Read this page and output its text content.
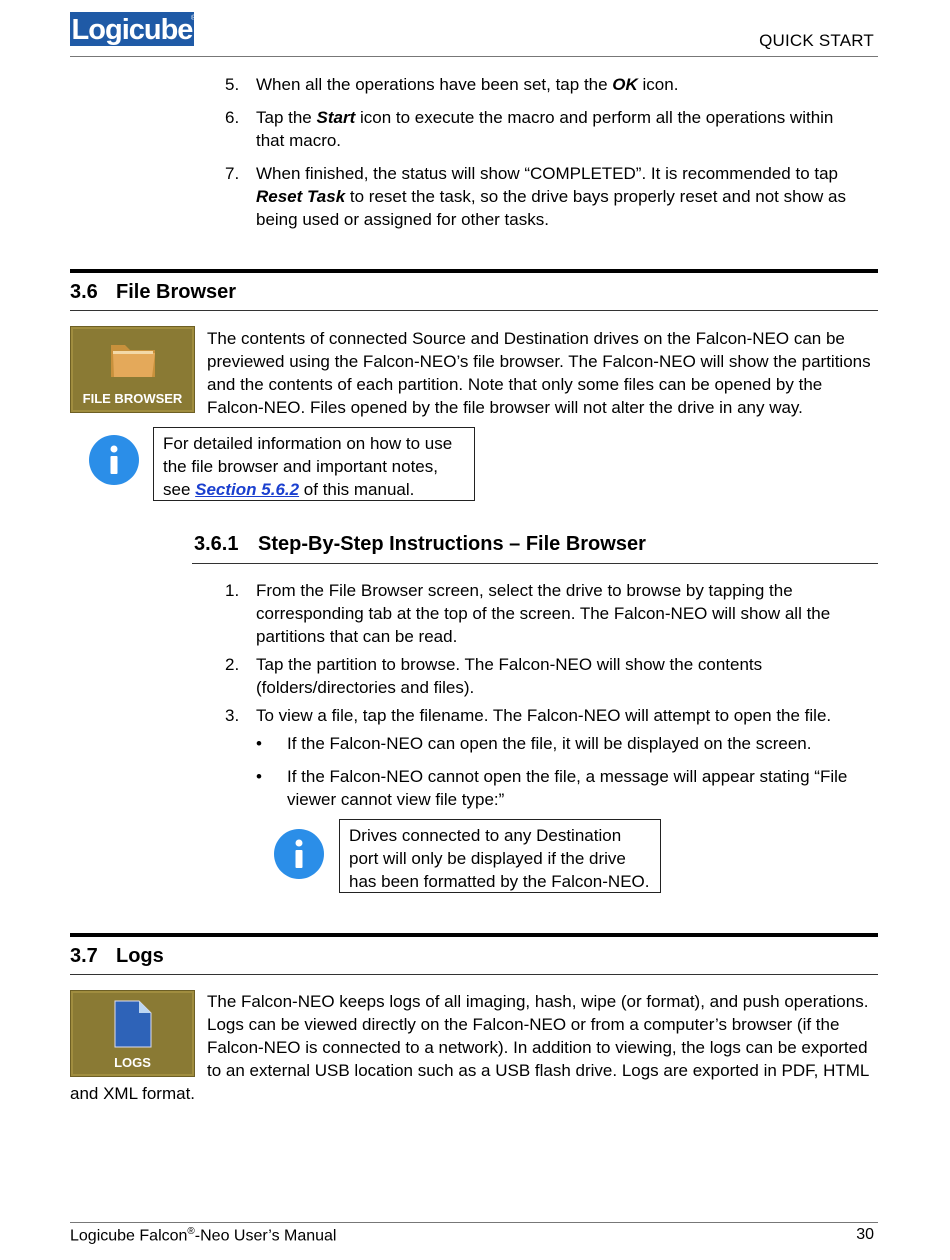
Logicube
®
QUICK START
5. When all the operations have been set, tap the OK icon.
6. Tap the Start icon to execute the macro and perform all the operations within that macro.
7. When finished, the status will show “COMPLETED”. It is recommended to tap Reset Task to reset the task, so the drive bays properly reset and not show as being used or assigned for other tasks.
3.6 File Browser
FILE BROWSER
The contents of connected Source and Destination drives on the Falcon-NEO can be previewed using the Falcon-NEO’s file browser. The Falcon-NEO will show the partitions and the contents of each partition. Note that only some files can be opened by the Falcon-NEO. Files opened by the file browser will not alter the drive in any way.
For detailed information on how to use the file browser and important notes, see Section 5.6.2 of this manual.
3.6.1 Step-By-Step Instructions – File Browser
1. From the File Browser screen, select the drive to browse by tapping the corresponding tab at the top of the screen. The Falcon-NEO will show all the partitions that can be read.
2. Tap the partition to browse. The Falcon-NEO will show the contents (folders/directories and files).
3. To view a file, tap the filename. The Falcon-NEO will attempt to open the file.
• If the Falcon-NEO can open the file, it will be displayed on the screen.
• If the Falcon-NEO cannot open the file, a message will appear stating “File viewer cannot view file type:”
Drives connected to any Destination port will only be displayed if the drive has been formatted by the Falcon-NEO.
3.7 Logs
LOGS
The Falcon-NEO keeps logs of all imaging, hash, wipe (or format), and push operations.
Logs can be viewed directly on the Falcon-NEO or from a computer’s browser (if the
Falcon-NEO is connected to a network). In addition to viewing, the logs can be exported
to an external USB location such as a USB flash drive. Logs are exported in PDF, HTML
and XML format.
Logicube Falcon®-Neo User’s Manual	30
